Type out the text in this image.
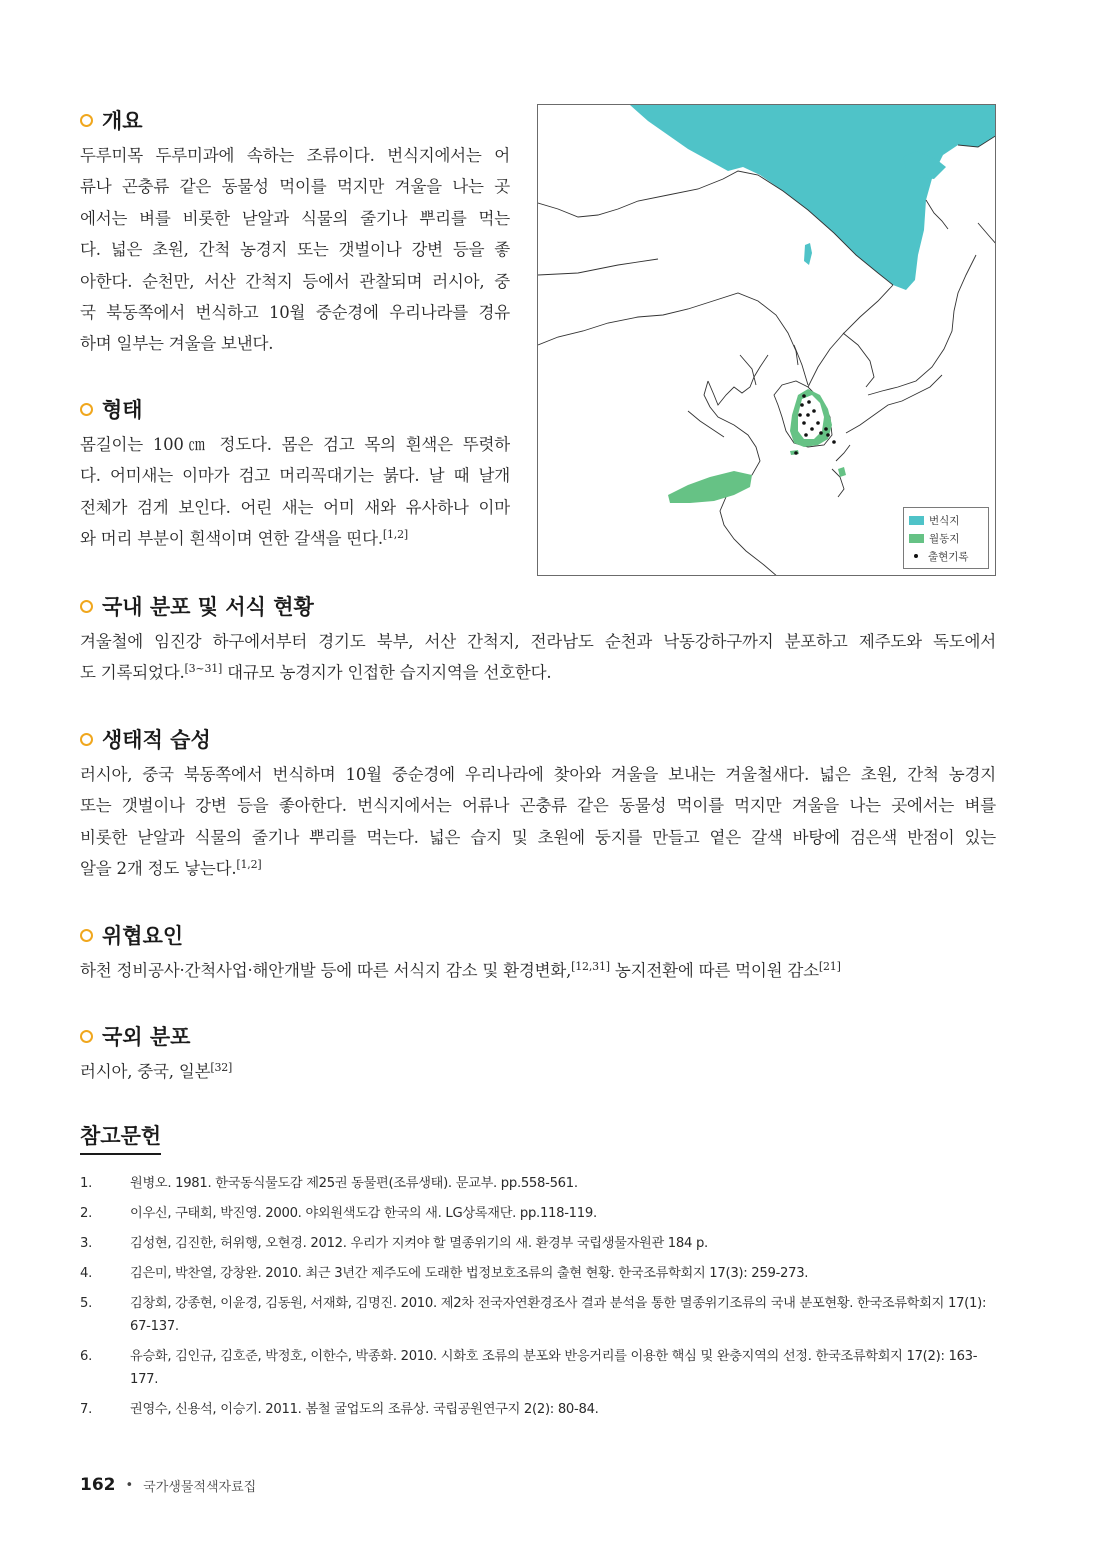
개요
두루미목 두루미과에 속하는 조류이다. 번식지에서는 어
류나 곤충류 같은 동물성 먹이를 먹지만 겨울을 나는 곳
에서는 벼를 비롯한 낟알과 식물의 줄기나 뿌리를 먹는
다. 넓은 초원, 간척 농경지 또는 갯벌이나 강변 등을 좋
아한다. 순천만, 서산 간척지 등에서 관찰되며 러시아, 중
국 북동쪽에서 번식하고 10월 중순경에 우리나라를 경유
하며 일부는 겨울을 보낸다.
형태
몸길이는 100㎝ 정도다. 몸은 검고 목의 흰색은 뚜렷하
다. 어미새는 이마가 검고 머리꼭대기는 붉다. 날 때 날개
전체가 검게 보인다. 어린 새는 어미 새와 유사하나 이마
와 머리 부분이 흰색이며 연한 갈색을 띤다.[1,2]
번식지
월동지
출현기록
국내 분포 및 서식 현황
겨울철에 임진강 하구에서부터 경기도 북부, 서산 간척지, 전라남도 순천과 낙동강하구까지 분포하고 제주도와 독도에서
도 기록되었다.[3~31] 대규모 농경지가 인접한 습지지역을 선호한다.
생태적 습성
러시아, 중국 북동쪽에서 번식하며 10월 중순경에 우리나라에 찾아와 겨울을 보내는 겨울철새다. 넓은 초원, 간척 농경지
또는 갯벌이나 강변 등을 좋아한다. 번식지에서는 어류나 곤충류 같은 동물성 먹이를 먹지만 겨울을 나는 곳에서는 벼를
비롯한 낟알과 식물의 줄기나 뿌리를 먹는다. 넓은 습지 및 초원에 둥지를 만들고 옅은 갈색 바탕에 검은색 반점이 있는
알을 2개 정도 낳는다.[1,2]
위협요인
하천 정비공사·간척사업·해안개발 등에 따른 서식지 감소 및 환경변화,[12,31] 농지전환에 따른 먹이원 감소[21]
국외 분포
러시아, 중국, 일본[32]
참고문헌
1.	원병오. 1981. 한국동식물도감 제25권 동물편(조류생태). 문교부. pp.558-561.
2.	이우신, 구태회, 박진영. 2000. 야외원색도감 한국의 새. LG상록재단. pp.118-119.
3.	김성현, 김진한, 허위행, 오현경. 2012. 우리가 지켜야 할 멸종위기의 새. 환경부 국립생물자원관 184 p.
4.	김은미, 박찬열, 강창완. 2010. 최근 3년간 제주도에 도래한 법정보호조류의 출현 현황. 한국조류학회지 17(3): 259-273.
5.	김창회, 강종현, 이윤경, 김동원, 서재화, 김명진. 2010. 제2차 전국자연환경조사 결과 분석을 통한 멸종위기조류의 국내 분포현황. 한국조류학회지 17(1): 67-137.
6.	유승화, 김인규, 김호준, 박정호, 이한수, 박종화. 2010. 시화호 조류의 분포와 반응거리를 이용한 핵심 및 완충지역의 선정. 한국조류학회지 17(2): 163-177.
7.	권영수, 신용석, 이승기. 2011. 봄철 굴업도의 조류상. 국립공원연구지 2(2): 80-84.
162 • 국가생물적색자료집
